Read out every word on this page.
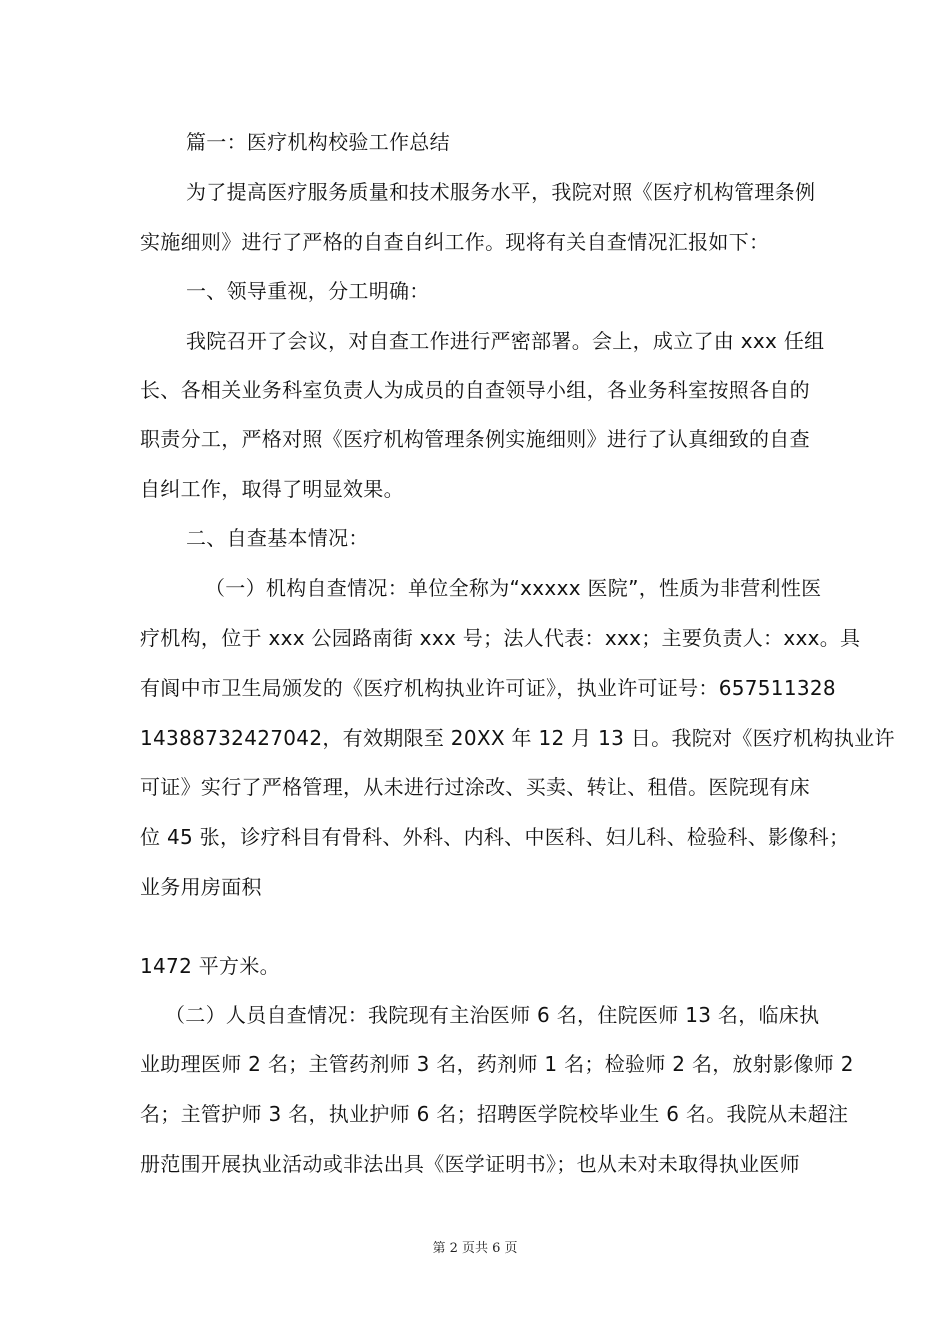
篇一：医疗机构校验工作总结
为了提高医疗服务质量和技术服务水平，我院对照《医疗机构管理条例
实施细则》进行了严格的自查自纠工作。现将有关自查情况汇报如下：
一、领导重视，分工明确：
我院召开了会议，对自查工作进行严密部署。会上，成立了由 xxx 任组
长、各相关业务科室负责人为成员的自查领导小组，各业务科室按照各自的
职责分工，严格对照《医疗机构管理条例实施细则》进行了认真细致的自查
自纠工作，取得了明显效果。
二、自查基本情况：
（一）机构自查情况：单位全称为“xxxxx 医院”，性质为非营利性医
疗机构，位于 xxx 公园路南街 xxx 号；法人代表：xxx；主要负责人：xxx。具
有阆中市卫生局颁发的《医疗机构执业许可证》，执业许可证号：657511328
14388732427042，有效期限至 20XX 年 12 月 13 日。我院对《医疗机构执业许
可证》实行了严格管理，从未进行过涂改、买卖、转让、租借。医院现有床
位 45 张，诊疗科目有骨科、外科、内科、中医科、妇儿科、检验科、影像科；
业务用房面积
1472 平方米。
（二）人员自查情况：我院现有主治医师 6 名，住院医师 13 名，临床执
业助理医师 2 名；主管药剂师 3 名，药剂师 1 名；检验师 2 名，放射影像师 2
名；主管护师 3 名，执业护师 6 名；招聘医学院校毕业生 6 名。我院从未超注
册范围开展执业活动或非法出具《医学证明书》；也从未对未取得执业医师
第 2 页共 6 页
